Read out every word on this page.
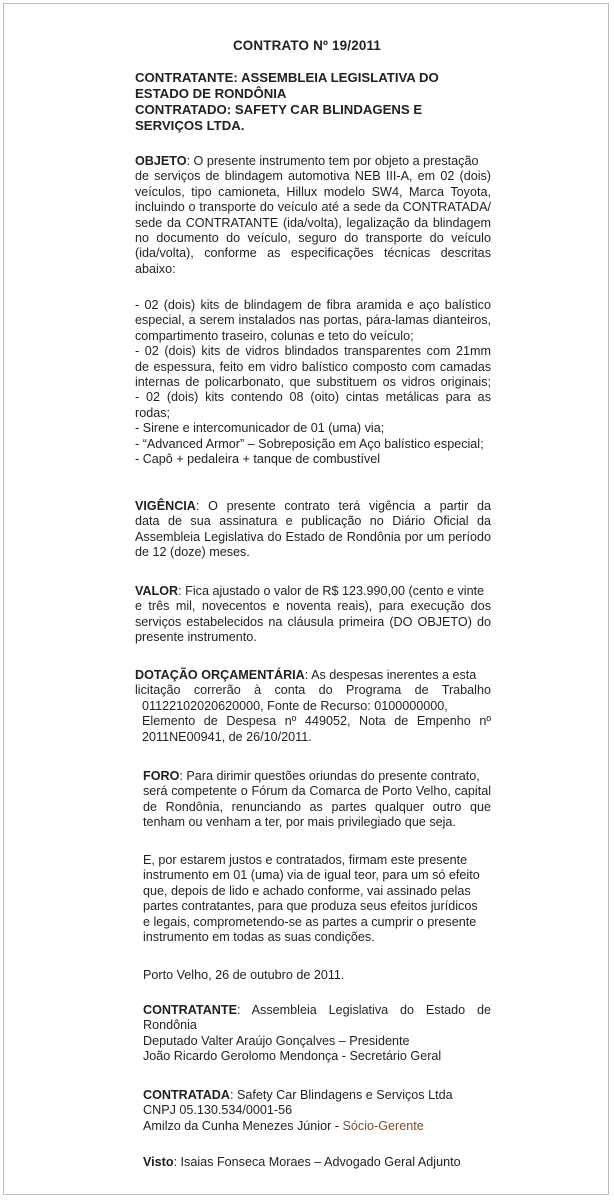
CONTRATO Nº 19/2011
CONTRATANTE: ASSEMBLEIA LEGISLATIVA DO
ESTADO DE RONDÔNIA
CONTRATADO: SAFETY CAR BLINDAGENS E
SERVIÇOS LTDA.
OBJETO: O presente instrumento tem por objeto a prestação
de serviços de blindagem automotiva NEB III-A, em 02 (dois)
veículos, tipo camioneta, Hillux modelo SW4, Marca Toyota,
incluindo o transporte do veículo até a sede da CONTRATADA/
sede da CONTRATANTE (ida/volta), legalização da blindagem
no documento do veículo, seguro do transporte do veículo
(ida/volta), conforme as especificações técnicas descritas
abaixo:
- 02 (dois) kits de blindagem de fibra aramida e aço balístico
especial, a serem instalados nas portas, pára-lamas dianteiros,
compartimento traseiro, colunas e teto do veículo;
- 02 (dois) kits de vidros blindados transparentes com 21mm
de espessura, feito em vidro balístico composto com camadas
internas de policarbonato, que substituem os vidros originais;
- 02 (dois) kits contendo 08 (oito) cintas metálicas para as
rodas;
- Sirene e intercomunicador de 01 (uma) via;
- “Advanced Armor” – Sobreposição em Aço balístico especial;
- Capô + pedaleira + tanque de combustível
VIGÊNCIA: O presente contrato terá vigência a partir da
data de sua assinatura e publicação no Diário Oficial da
Assembleia Legislativa do Estado de Rondônia por um período
de 12 (doze) meses.
VALOR: Fica ajustado o valor de R$ 123.990,00 (cento e vinte
e três mil, novecentos e noventa reais), para execução dos
serviços estabelecidos na cláusula primeira (DO OBJETO) do
presente instrumento.
DOTAÇÃO ORÇAMENTÁRIA: As despesas inerentes a esta
licitação correrão à conta do Programa de Trabalho
01122102020620000, Fonte de Recurso: 0100000000,
Elemento de Despesa nº 449052, Nota de Empenho nº
2011NE00941, de 26/10/2011.
FORO: Para dirimir questões oriundas do presente contrato,
será competente o Fórum da Comarca de Porto Velho, capital
de Rondônia, renunciando as partes qualquer outro que
tenham ou venham a ter, por mais privilegiado que seja.
E, por estarem justos e contratados, firmam este presente
instrumento em 01 (uma) via de igual teor, para um só efeito
que, depois de lido e achado conforme, vai assinado pelas
partes contratantes, para que produza seus efeitos jurídicos
e legais, comprometendo-se as partes a cumprir o presente
instrumento em todas as suas condições.
Porto Velho, 26 de outubro de 2011.
CONTRATANTE: Assembleia Legislativa do Estado de
Rondônia
Deputado Valter Araújo Gonçalves – Presidente
João Ricardo Gerolomo Mendonça - Secretário Geral
CONTRATADA: Safety Car Blindagens e Serviços Ltda
CNPJ 05.130.534/0001-56
Amilzo da Cunha Menezes Júnior - Sócio-Gerente
Visto: Isaias Fonseca Moraes – Advogado Geral Adjunto
